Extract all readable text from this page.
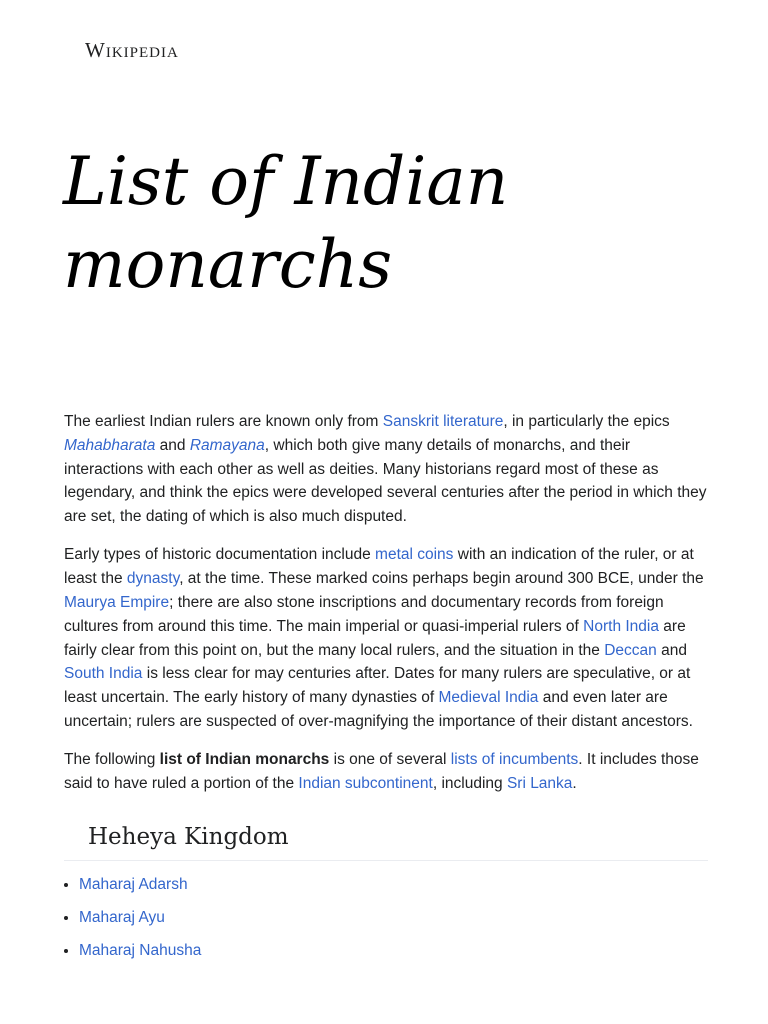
Wikipedia
List of Indian monarchs

The earliest Indian rulers are known only from Sanskrit literature, in particularly the epics Mahabharata and Ramayana, which both give many details of monarchs, and their interactions with each other as well as deities. Many historians regard most of these as legendary, and think the epics were developed several centuries after the period in which they are set, the dating of which is also much disputed.

Early types of historic documentation include metal coins with an indication of the ruler, or at least the dynasty, at the time. These marked coins perhaps begin around 300 BCE, under the Maurya Empire; there are also stone inscriptions and documentary records from foreign cultures from around this time. The main imperial or quasi-imperial rulers of North India are fairly clear from this point on, but the many local rulers, and the situation in the Deccan and South India is less clear for may centuries after. Dates for many rulers are speculative, or at least uncertain. The early history of many dynasties of Medieval India and even later are uncertain; rulers are suspected of over-magnifying the importance of their distant ancestors.

The following list of Indian monarchs is one of several lists of incumbents. It includes those said to have ruled a portion of the Indian subcontinent, including Sri Lanka.

Heheya Kingdom
• Maharaj Adarsh
• Maharaj Ayu
• Maharaj Nahusha
